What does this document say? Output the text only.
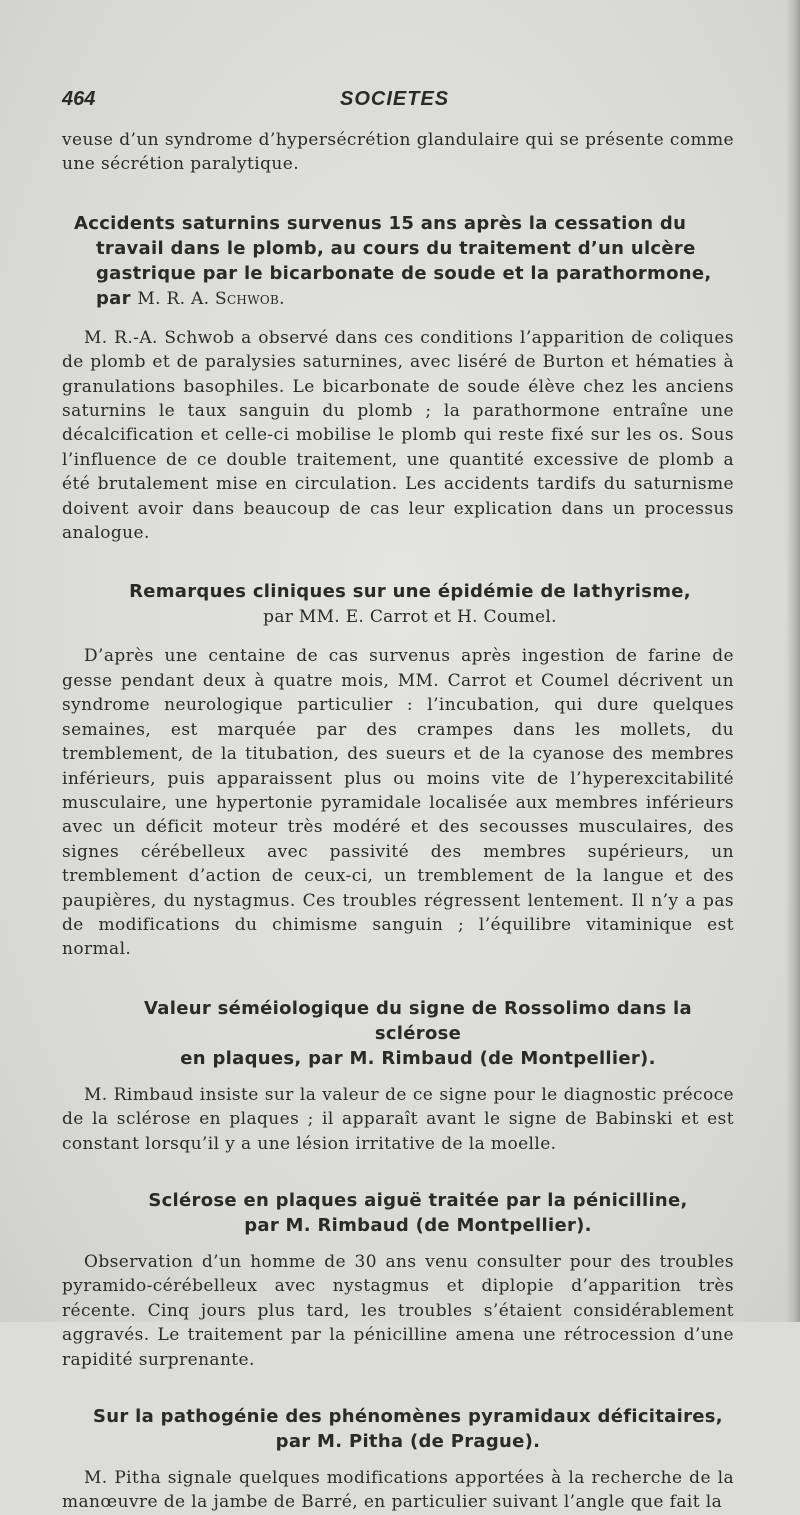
464	SOCIETES

veuse d’un syndrome d’hypersécrétion glandulaire qui se présente comme une sécrétion paralytique.

Accidents saturnins survenus 15 ans après la cessation du travail dans le plomb, au cours du traitement d’un ulcère gastrique par le bicarbonate de soude et la parathormone, par M. R. A. Schwob.

M. R.-A. Schwob a observé dans ces conditions l’apparition de coliques de plomb et de paralysies saturnines, avec liséré de Burton et hématies à granulations basophiles. Le bicarbonate de soude élève chez les anciens saturnins le taux sanguin du plomb ; la parathormone entraîne une décalcification et celle-ci mobilise le plomb qui reste fixé sur les os. Sous l’influence de ce double traitement, une quantité excessive de plomb a été brutalement mise en circulation. Les accidents tardifs du saturnisme doivent avoir dans beaucoup de cas leur explication dans un processus analogue.

Remarques cliniques sur une épidémie de lathyrisme,

par MM. E. Carrot et H. Coumel.

D’après une centaine de cas survenus après ingestion de farine de gesse pendant deux à quatre mois, MM. Carrot et Coumel décrivent un syndrome neurologique particulier : l’incubation, qui dure quelques semaines, est marquée par des crampes dans les mollets, du tremblement, de la titubation, des sueurs et de la cyanose des membres inférieurs, puis apparaissent plus ou moins vite de l’hyperexcitabilité musculaire, une hypertonie pyramidale localisée aux membres inférieurs avec un déficit moteur très modéré et des secousses musculaires, des signes cérébelleux avec passivité des membres supérieurs, un tremblement d’action de ceux-ci, un tremblement de la langue et des paupières, du nystagmus. Ces troubles régressent lentement. Il n’y a pas de modifications du chimisme sanguin ; l’équilibre vitaminique est normal.

Valeur séméiologique du signe de Rossolimo dans la sclérose

en plaques, par M. Rimbaud (de Montpellier).

M. Rimbaud insiste sur la valeur de ce signe pour le diagnostic précoce de la sclérose en plaques ; il apparaît avant le signe de Babinski et est constant lorsqu’il y a une lésion irritative de la moelle.

Sclérose en plaques aiguë traitée par la pénicilline,

par M. Rimbaud (de Montpellier).

Observation d’un homme de 30 ans venu consulter pour des troubles pyramido-cérébelleux avec nystagmus et diplopie d’apparition très récente. Cinq jours plus tard, les troubles s’étaient considérablement aggravés. Le traitement par la pénicilline amena une rétrocession d’une rapidité surprenante.

Sur la pathogénie des phénomènes pyramidaux déficitaires,

par M. Pitha (de Prague).

M. Pitha signale quelques modifications apportées à la recherche de la manœuvre de la jambe de Barré, en particulier suivant l’angle que fait la
